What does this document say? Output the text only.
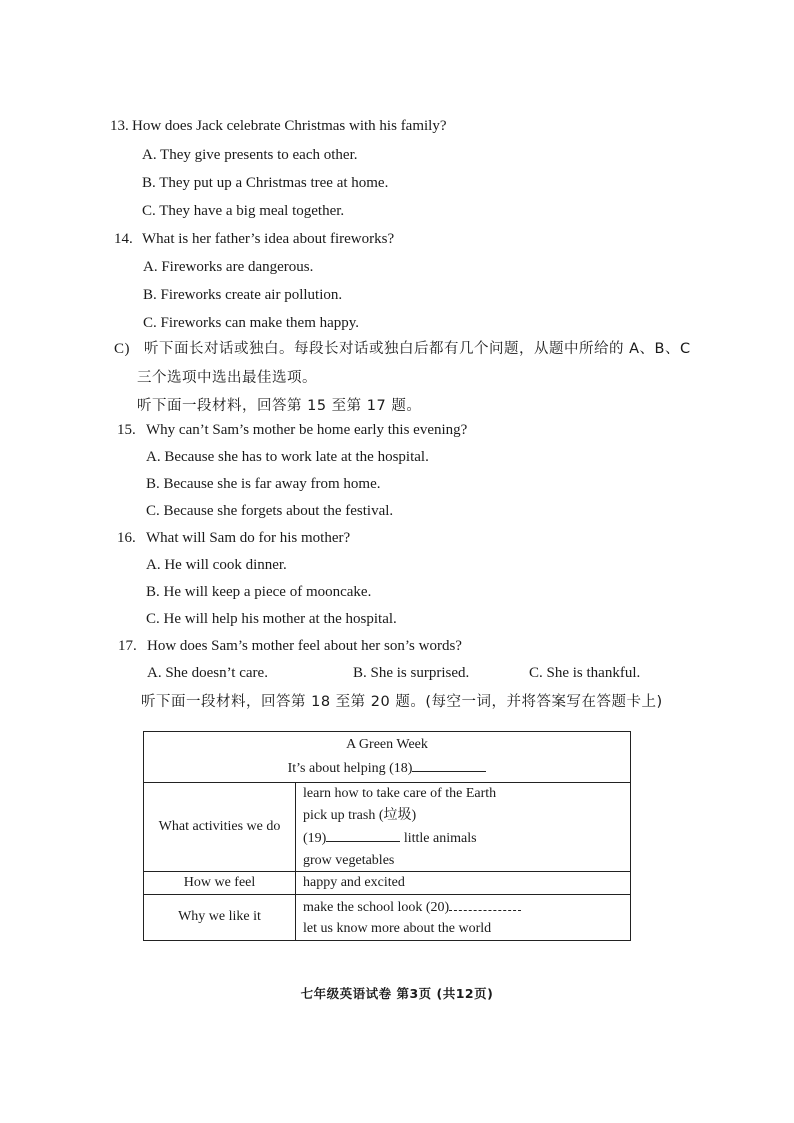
13. How does Jack celebrate Christmas with his family?
A. They give presents to each other.
B. They put up a Christmas tree at home.
C. They have a big meal together.
14. What is her father’s idea about fireworks?
A. Fireworks are dangerous.
B. Fireworks create air pollution.
C. Fireworks can make them happy.
C) 听下面长对话或独白。每段长对话或独白后都有几个问题，从题中所给的 A、B、C
三个选项中选出最佳选项。
听下面一段材料，回答第 15 至第 17 题。
15. Why can’t Sam’s mother be home early this evening?
A. Because she has to work late at the hospital.
B. Because she is far away from home.
C. Because she forgets about the festival.
16. What will Sam do for his mother?
A. He will cook dinner.
B. He will keep a piece of mooncake.
C. He will help his mother at the hospital.
17. How does Sam’s mother feel about her son’s words?
A. She doesn’t care.	B. She is surprised.	C. She is thankful.
听下面一段材料，回答第 18 至第 20 题。(每空一词，并将答案写在答题卡上)
A Green Week
It’s about helping (18)	

What activities we do	learn how to take care of the Earth
pick up trash (垃圾)
(19) little animals
grow vegetables

How we feel	happy and excited
Why we like it	make the school look (20)
let us know more about the world
七年级英语试卷 第3页 (共12页)
